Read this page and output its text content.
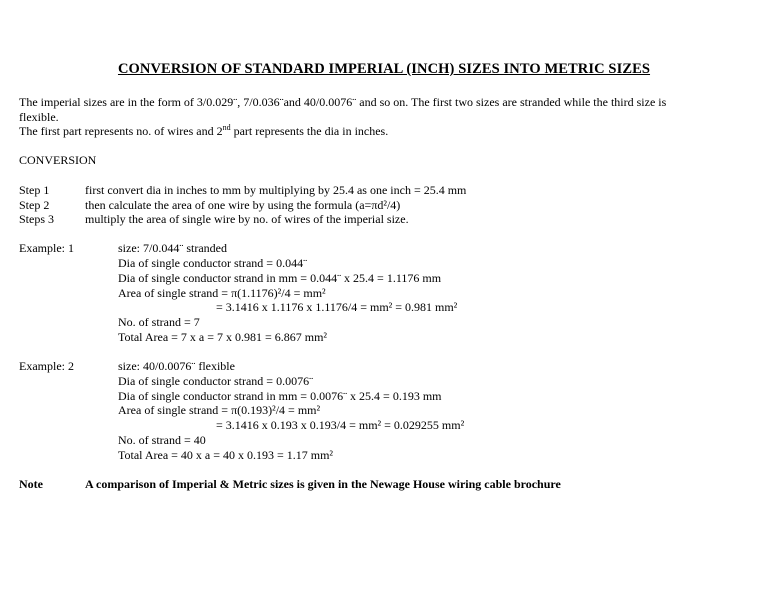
CONVERSION OF STANDARD IMPERIAL (INCH) SIZES INTO METRIC SIZES
The imperial sizes are in the form of 3/0.029¨, 7/0.036¨and 40/0.0076¨ and so on. The first two sizes are stranded while the third size is
flexible.
The first part represents no. of wires and 2nd part represents the dia in inches.
CONVERSION
Step 1	first convert dia in inches to mm by multiplying by 25.4 as one inch = 25.4 mm
Step 2	then calculate the area of one wire by using the formula (a=πd²/4)
Steps 3	multiply the area of single wire by no. of wires of the imperial size.
Example: 1	size: 7/0.044¨ stranded
Dia of single conductor strand = 0.044¨
Dia of single conductor strand in mm = 0.044¨ x 25.4 = 1.1176 mm
Area of single strand = π(1.1176)²/4 = mm²
= 3.1416 x 1.1176 x 1.1176/4 = mm² = 0.981 mm²
No. of strand = 7
Total Area = 7 x a = 7 x 0.981 = 6.867 mm²
Example: 2	size: 40/0.0076¨ flexible
Dia of single conductor strand = 0.0076¨
Dia of single conductor strand in mm = 0.0076¨ x 25.4 = 0.193 mm
Area of single strand = π(0.193)²/4 = mm²
= 3.1416 x 0.193 x 0.193/4 = mm² = 0.029255 mm²
No. of strand = 40
Total Area = 40 x a = 40 x 0.193 = 1.17 mm²
Note	A comparison of Imperial & Metric sizes is given in the Newage House wiring cable brochure
